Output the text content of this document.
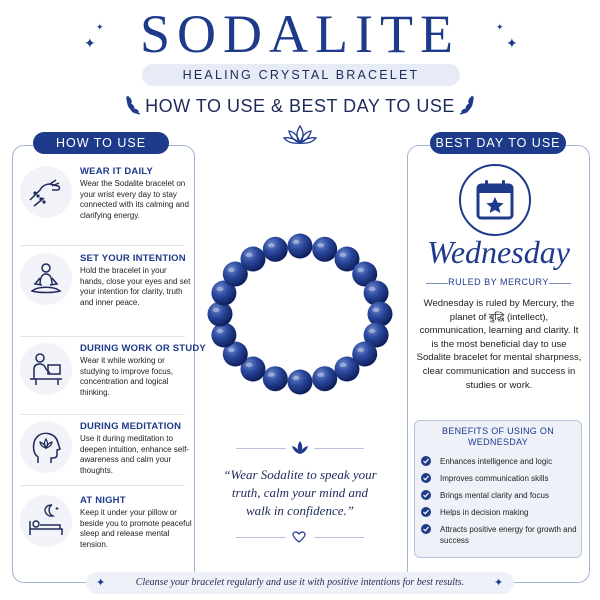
✦
✦
✦
✦
SODALITE
HEALING CRYSTAL BRACELET
HOW TO USE & BEST DAY TO USE
HOW TO USE
WEAR IT DAILY
Wear the Sodalite bracelet on your wrist every day to stay connected with its calming and clarifying energy.
SET YOUR INTENTION
Hold the bracelet in your hands, close your eyes and set your intention for clarity, truth and inner peace.
DURING WORK OR STUDY
Wear it while working or studying to improve focus, concentration and logical thinking.
DURING MEDITATION
Use it during meditation to deepen intuition, enhance self-awareness and calm your thoughts.
AT NIGHT
Keep it under your pillow or beside you to promote peaceful sleep and release mental tension.
“Wear Sodalite to speak your truth, calm your mind and walk in confidence.”
BEST DAY TO USE
Wednesday
RULED BY MERCURY
Wednesday is ruled by Mercury, the planet of बुद्धि (intellect), communication, learning and clarity. It is the most beneficial day to use Sodalite bracelet for mental sharpness, clear communication and success in studies or work.
BENEFITS OF USING ON WEDNESDAY
Enhances intelligence and logic
Improves communication skills
Brings mental clarity and focus
Helps in decision making
Attracts positive energy for growth and success
Cleanse your bracelet regularly and use it with positive intentions for best results.
✦	✦
